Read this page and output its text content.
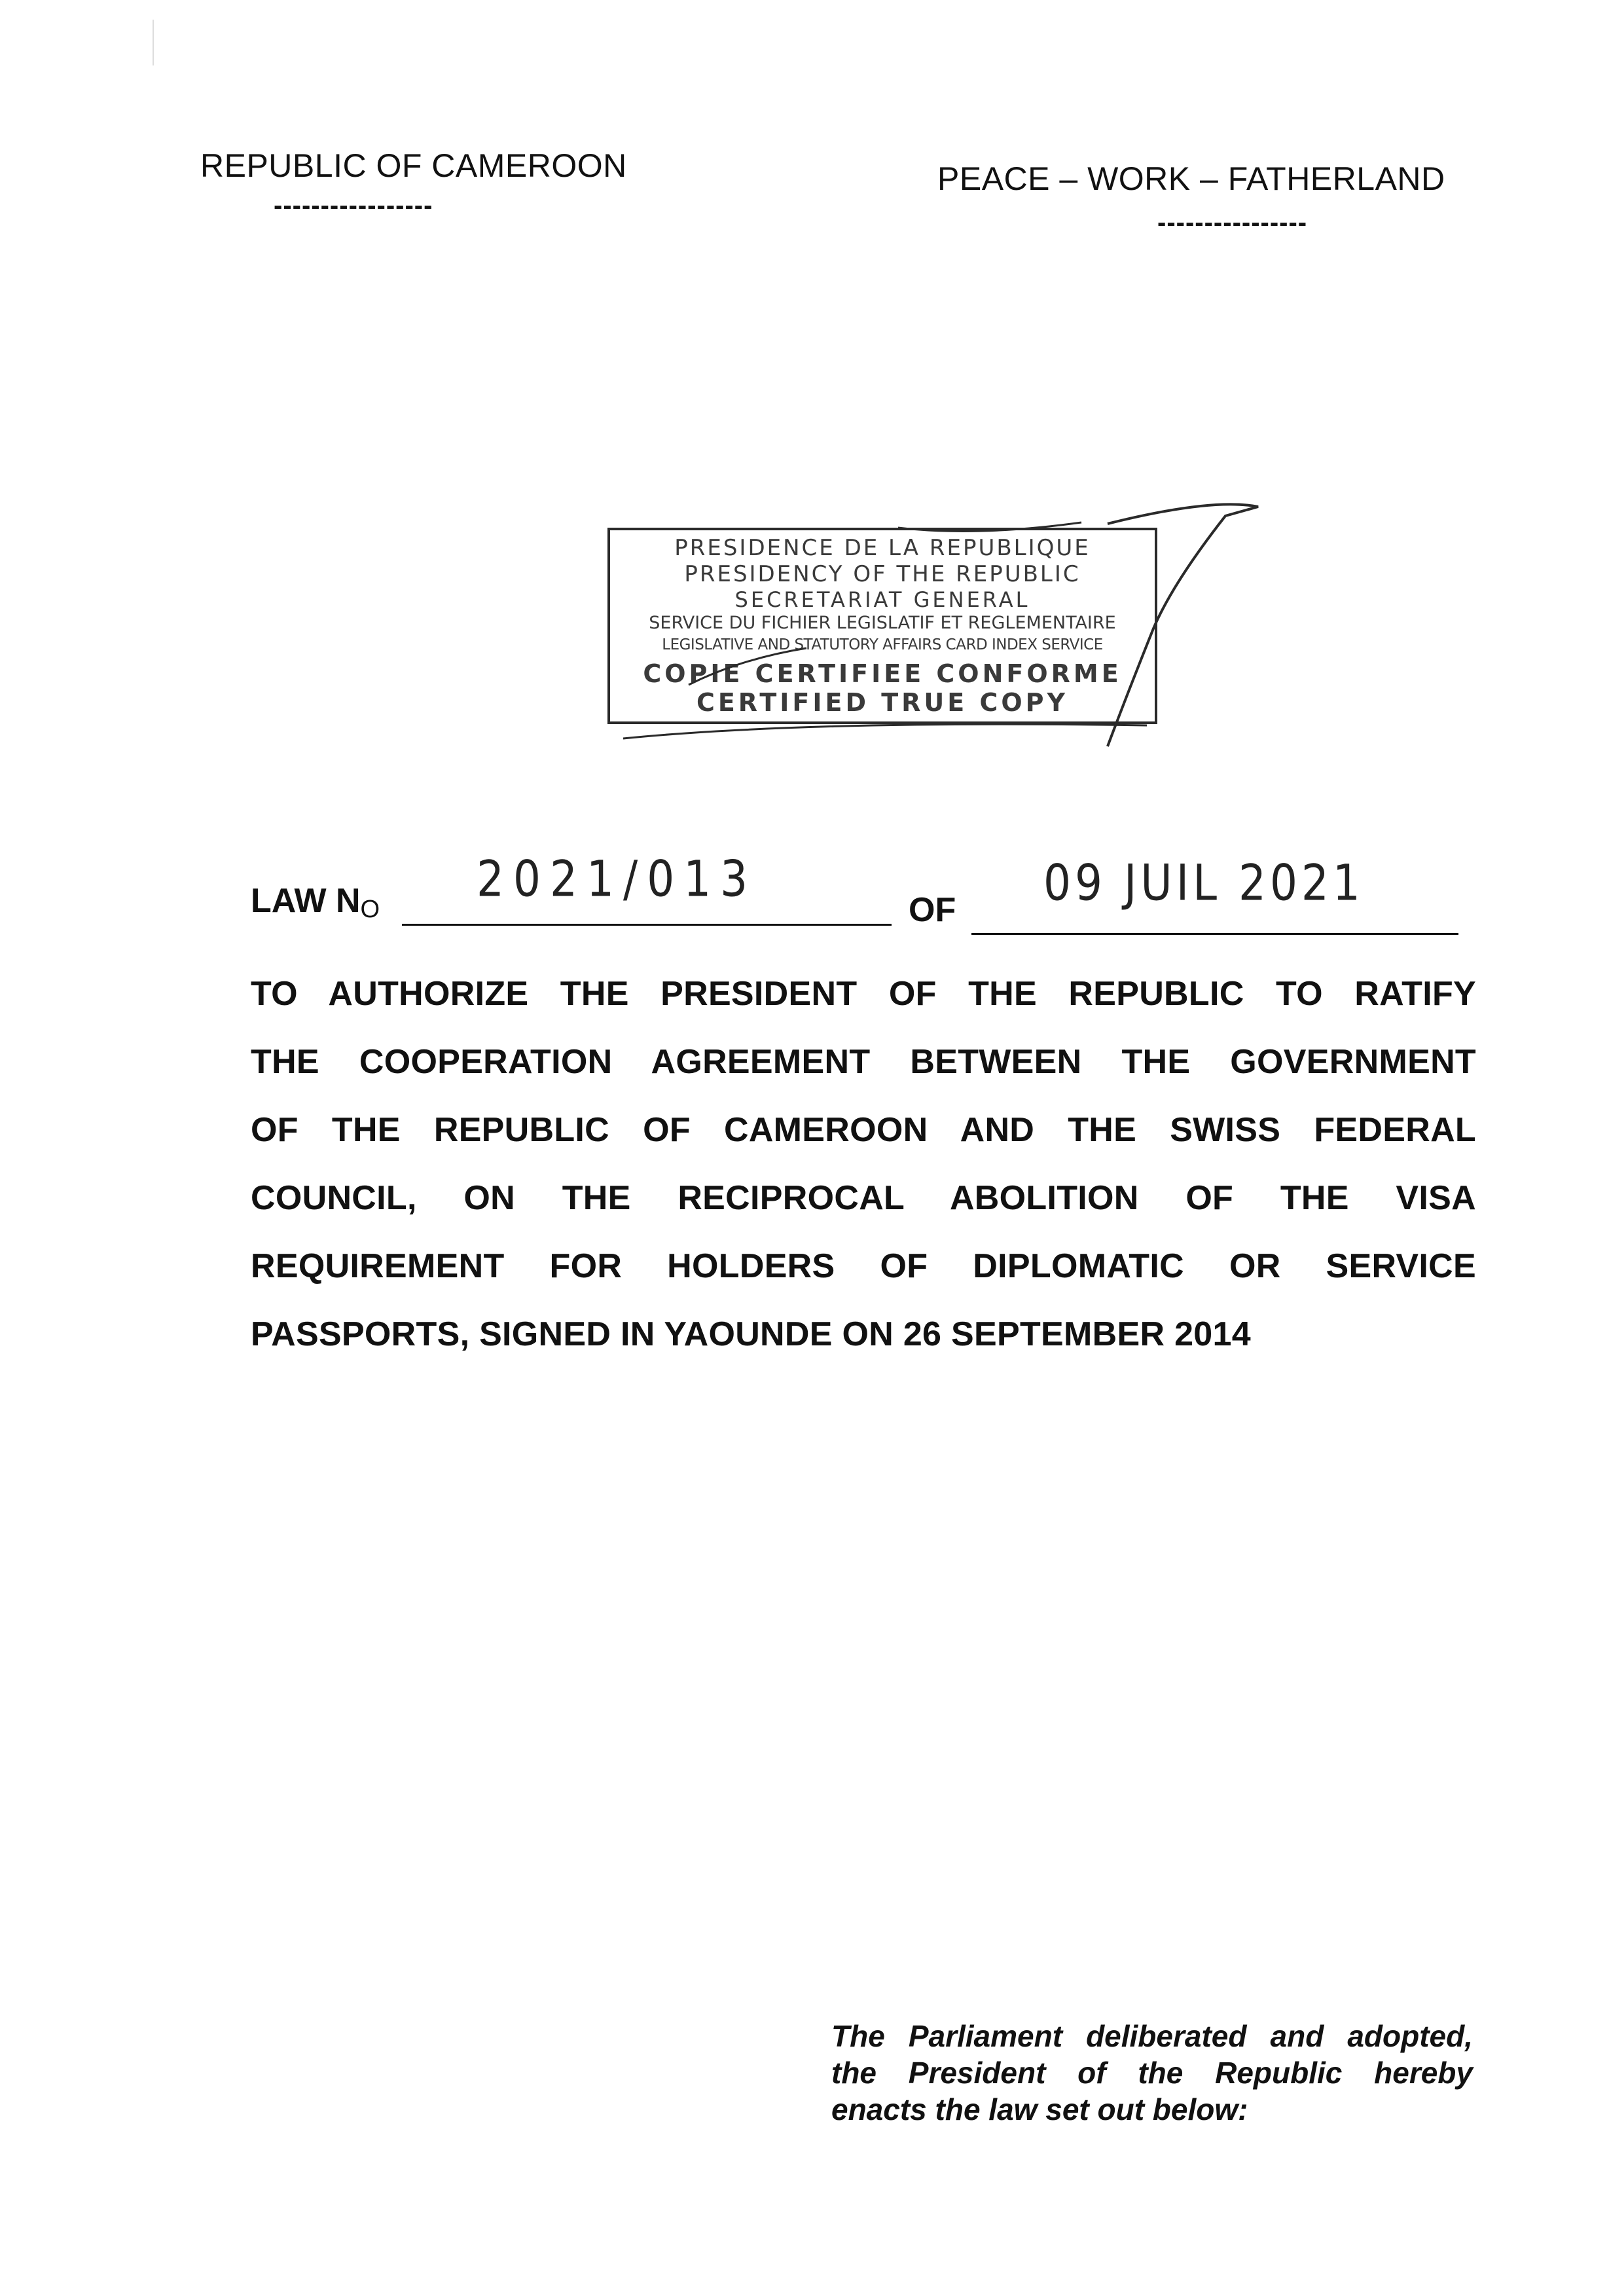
REPUBLIC OF CAMEROON
-----------------
PEACE – WORK – FATHERLAND
----------------
PRESIDENCE DE LA REPUBLIQUE
PRESIDENCY OF THE REPUBLIC
SECRETARIAT GENERAL
SERVICE DU FICHIER LEGISLATIF ET REGLEMENTAIRE
LEGISLATIVE AND STATUTORY AFFAIRS CARD INDEX SERVICE
COPIE CERTIFIEE CONFORME
CERTIFIED TRUE COPY
LAW NO
2021/013
OF 09 JUIL 2021
TO AUTHORIZE THE PRESIDENT OF THE REPUBLIC TO RATIFY
THE COOPERATION AGREEMENT BETWEEN THE GOVERNMENT
OF THE REPUBLIC OF CAMEROON AND THE SWISS FEDERAL
COUNCIL, ON THE RECIPROCAL ABOLITION OF THE VISA
REQUIREMENT FOR HOLDERS OF DIPLOMATIC OR SERVICE
PASSPORTS, SIGNED IN YAOUNDE ON 26 SEPTEMBER 2014
The Parliament deliberated and adopted,
the President of the Republic hereby
enacts the law set out below:
